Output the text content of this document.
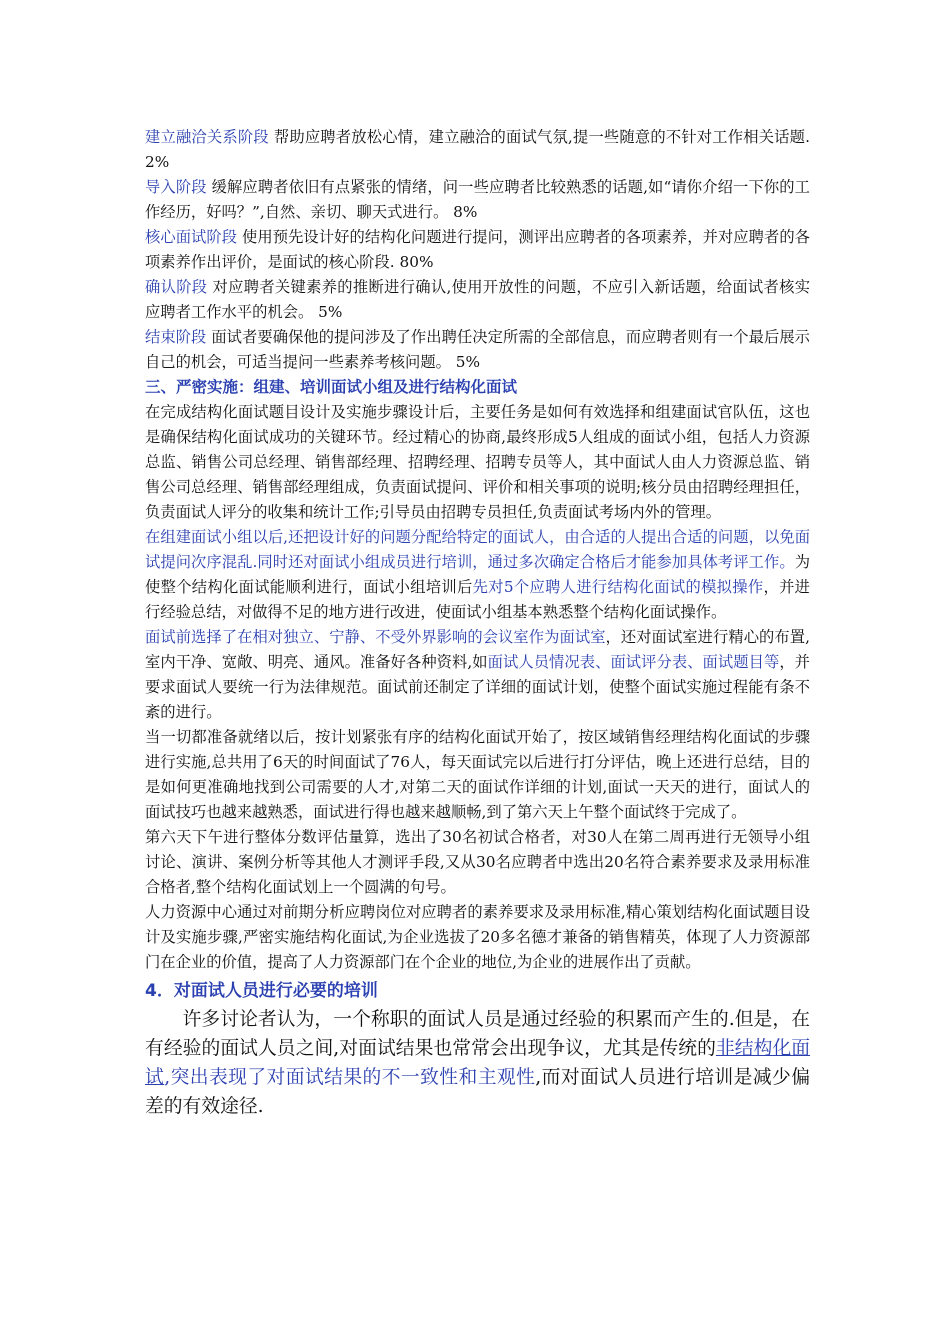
建立融洽关系阶段 帮助应聘者放松心情，建立融洽的面试气氛,提一些随意的不针对工作相关话题. 2%

导入阶段 缓解应聘者依旧有点紧张的情绪，问一些应聘者比较熟悉的话题,如“请你介绍一下你的工作经历，好吗？”,自然、亲切、聊天式进行。 8%

核心面试阶段 使用预先设计好的结构化问题进行提问，测评出应聘者的各项素养，并对应聘者的各项素养作出评价，是面试的核心阶段. 80%

确认阶段 对应聘者关键素养的推断进行确认,使用开放性的问题，不应引入新话题，给面试者核实应聘者工作水平的机会。 5%

结束阶段 面试者要确保他的提问涉及了作出聘任决定所需的全部信息，而应聘者则有一个最后展示自己的机会，可适当提问一些素养考核问题。 5%

三、严密实施：组建、培训面试小组及进行结构化面试

在完成结构化面试题目设计及实施步骤设计后，主要任务是如何有效选择和组建面试官队伍，这也是确保结构化面试成功的关键环节。经过精心的协商,最终形成5人组成的面试小组，包括人力资源总监、销售公司总经理、销售部经理、招聘经理、招聘专员等人，其中面试人由人力资源总监、销售公司总经理、销售部经理组成，负责面试提问、评价和相关事项的说明;核分员由招聘经理担任，负责面试人评分的收集和统计工作;引导员由招聘专员担任,负责面试考场内外的管理。

在组建面试小组以后,还把设计好的问题分配给特定的面试人，由合适的人提出合适的问题，以免面试提问次序混乱.同时还对面试小组成员进行培训，通过多次确定合格后才能参加具体考评工作。为使整个结构化面试能顺利进行，面试小组培训后先对5个应聘人进行结构化面试的模拟操作，并进行经验总结，对做得不足的地方进行改进，使面试小组基本熟悉整个结构化面试操作。

面试前选择了在相对独立、宁静、不受外界影响的会议室作为面试室，还对面试室进行精心的布置,室内干净、宽敞、明亮、通风。准备好各种资料,如面试人员情况表、面试评分表、面试题目等，并要求面试人要统一行为法律规范。面试前还制定了详细的面试计划，使整个面试实施过程能有条不紊的进行。

当一切都准备就绪以后，按计划紧张有序的结构化面试开始了，按区域销售经理结构化面试的步骤进行实施,总共用了6天的时间面试了76人，每天面试完以后进行打分评估，晚上还进行总结，目的是如何更准确地找到公司需要的人才,对第二天的面试作详细的计划,面试一天天的进行，面试人的面试技巧也越来越熟悉，面试进行得也越来越顺畅,到了第六天上午整个面试终于完成了。

第六天下午进行整体分数评估量算，选出了30名初试合格者，对30人在第二周再进行无领导小组讨论、演讲、案例分析等其他人才测评手段,又从30名应聘者中选出20名符合素养要求及录用标准合格者,整个结构化面试划上一个圆满的句号。

人力资源中心通过对前期分析应聘岗位对应聘者的素养要求及录用标准,精心策划结构化面试题目设计及实施步骤,严密实施结构化面试,为企业选拔了20多名德才兼备的销售精英，体现了人力资源部门在企业的价值，提高了人力资源部门在个企业的地位,为企业的进展作出了贡献。

4．对面试人员进行必要的培训

许多讨论者认为，一个称职的面试人员是通过经验的积累而产生的.但是，在有经验的面试人员之间,对面试结果也常常会出现争议，尤其是传统的非结构化面试,突出表现了对面试结果的不一致性和主观性,而对面试人员进行培训是减少偏差的有效途径.
